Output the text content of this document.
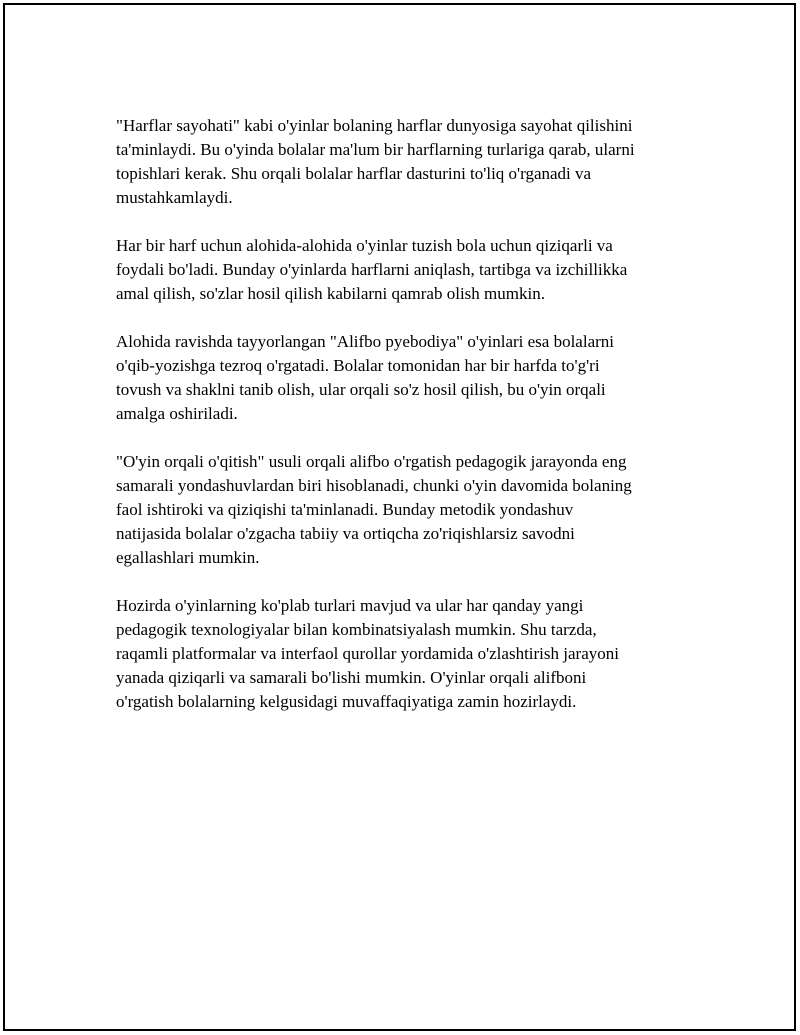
"Harflar sayohati" kabi o'yinlar bolaning harflar dunyosiga sayohat qilishini
ta'minlaydi. Bu o'yinda bolalar ma'lum bir harflarning turlariga qarab, ularni
topishlari kerak. Shu orqali bolalar harflar dasturini to'liq o'rganadi va
mustahkamlaydi.

Har bir harf uchun alohida-alohida o'yinlar tuzish bola uchun qiziqarli va
foydali bo'ladi. Bunday o'yinlarda harflarni aniqlash, tartibga va izchillikka
amal qilish, so'zlar hosil qilish kabilarni qamrab olish mumkin.

Alohida ravishda tayyorlangan "Alifbo pyebodiya" o'yinlari esa bolalarni
o'qib-yozishga tezroq o'rgatadi. Bolalar tomonidan har bir harfda to'g'ri
tovush va shaklni tanib olish, ular orqali so'z hosil qilish, bu o'yin orqali
amalga oshiriladi.

"O'yin orqali o'qitish" usuli orqali alifbo o'rgatish pedagogik jarayonda eng
samarali yondashuvlardan biri hisoblanadi, chunki o'yin davomida bolaning
faol ishtiroki va qiziqishi ta'minlanadi. Bunday metodik yondashuv
natijasida bolalar o'zgacha tabiiy va ortiqcha zo'riqishlarsiz savodni
egallashlari mumkin.

Hozirda o'yinlarning ko'plab turlari mavjud va ular har qanday yangi
pedagogik texnologiyalar bilan kombinatsiyalash mumkin. Shu tarzda,
raqamli platformalar va interfaol qurollar yordamida o'zlashtirish jarayoni
yanada qiziqarli va samarali bo'lishi mumkin. O'yinlar orqali alifboni
o'rgatish bolalarning kelgusidagi muvaffaqiyatiga zamin hozirlaydi.
